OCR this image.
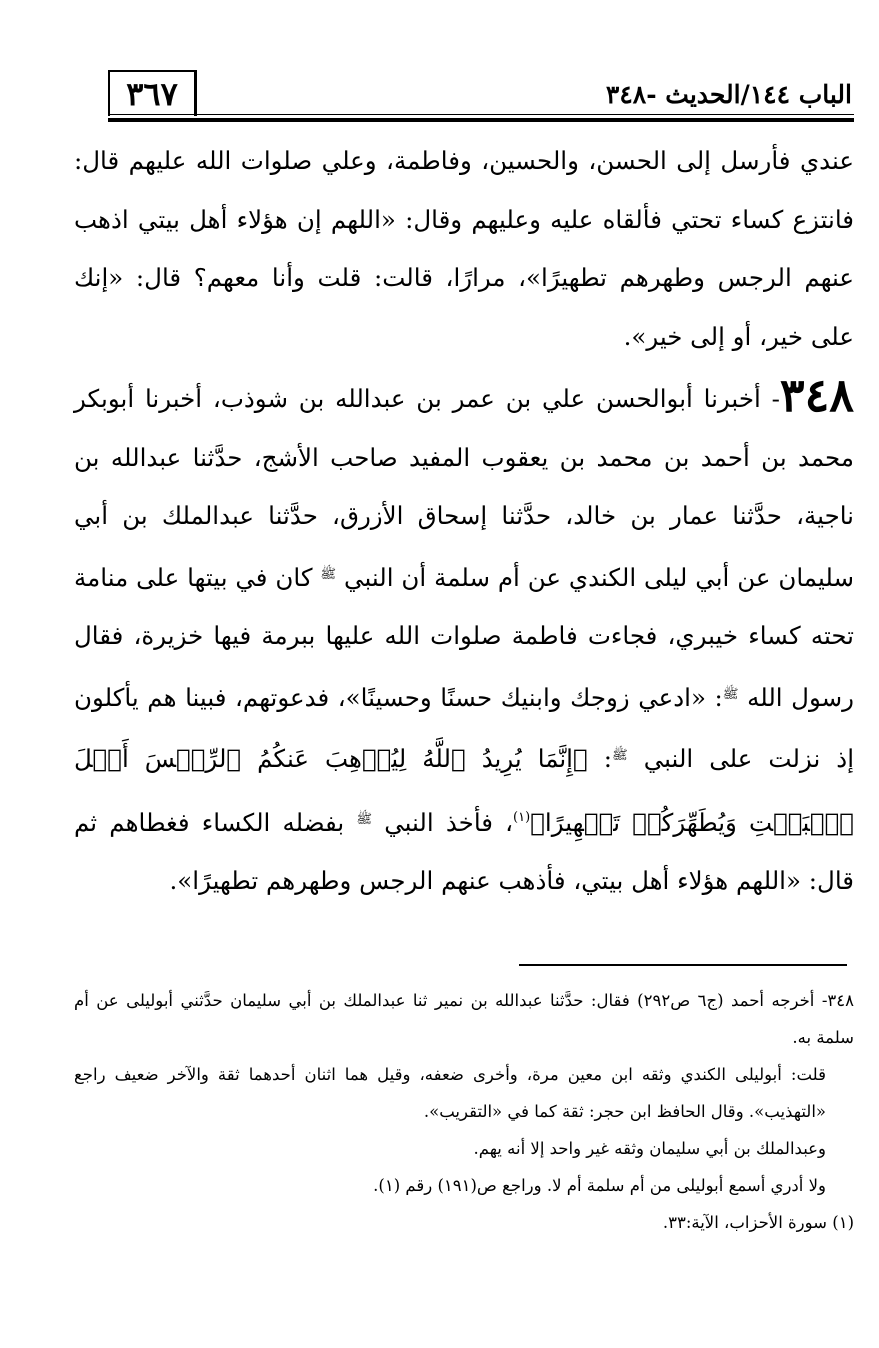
٣٦٧	الباب ١٤٤/الحديث -٣٤٨

عندي فأرسل إلى الحسن، والحسين، وفاطمة، وعلي صلوات الله عليهم قال: فانتزع كساء تحتي فألقاه عليه وعليهم وقال: «اللهم إن هؤلاء أهل بيتي اذهب عنهم الرجس وطهرهم تطهيرًا»، مرارًا، قالت: قلت وأنا معهم؟ قال: «إنك على خير، أو إلى خير».

٣٤٨- أخبرنا أبوالحسن علي بن عمر بن عبدالله بن شوذب، أخبرنا أبوبكر محمد بن أحمد بن محمد بن يعقوب المفيد صاحب الأشج، حدَّثنا عبدالله بن ناجية، حدَّثنا عمار بن خالد، حدَّثنا إسحاق الأزرق، حدَّثنا عبدالملك بن أبي سليمان عن أبي ليلى الكندي عن أم سلمة أن النبي $^ﷺ$ كان في بيتها على منامة تحته كساء خيبري، فجاءت فاطمة صلوات الله عليها ببرمة فيها خزيرة، فقال رسول الله $^ﷺ$: «ادعي زوجك وابنيك حسنًا وحسينًا»، فدعوتهم، فبينا هم يأكلون إذ نزلت على النبي $^ﷺ$: ﴿إِنَّمَا يُرِيدُ ٱللَّهُ لِيُذۡهِبَ عَنكُمُ ٱلرِّجۡسَ أَهۡلَ ٱلۡبَيۡتِ وَيُطَهِّرَكُمۡ تَطۡهِيرًا﴾$^{(١)}$، فأخذ النبي $^ﷺ$ بفضله الكساء فغطاهم ثم قال: «اللهم هؤلاء أهل بيتي، فأذهب عنهم الرجس وطهرهم تطهيرًا».

٣٤٨- أخرجه أحمد (ج٦ ص٢٩٢) فقال: حدَّثنا عبدالله بن نمير ثنا عبدالملك بن أبي سليمان حدَّثني أبوليلى عن أم سلمة به.

قلت: أبوليلى الكندي وثقه ابن معين مرة، وأخرى ضعفه، وقيل هما اثنان أحدهما ثقة والآخر ضعيف راجع «التهذيب». وقال الحافظ ابن حجر: ثقة كما في «التقريب».

وعبدالملك بن أبي سليمان وثقه غير واحد إلا أنه يهم.

ولا أدري أسمع أبوليلى من أم سلمة أم لا. وراجع ص(١٩١) رقم (١).

(١) سورة الأحزاب، الآية:٣٣.
